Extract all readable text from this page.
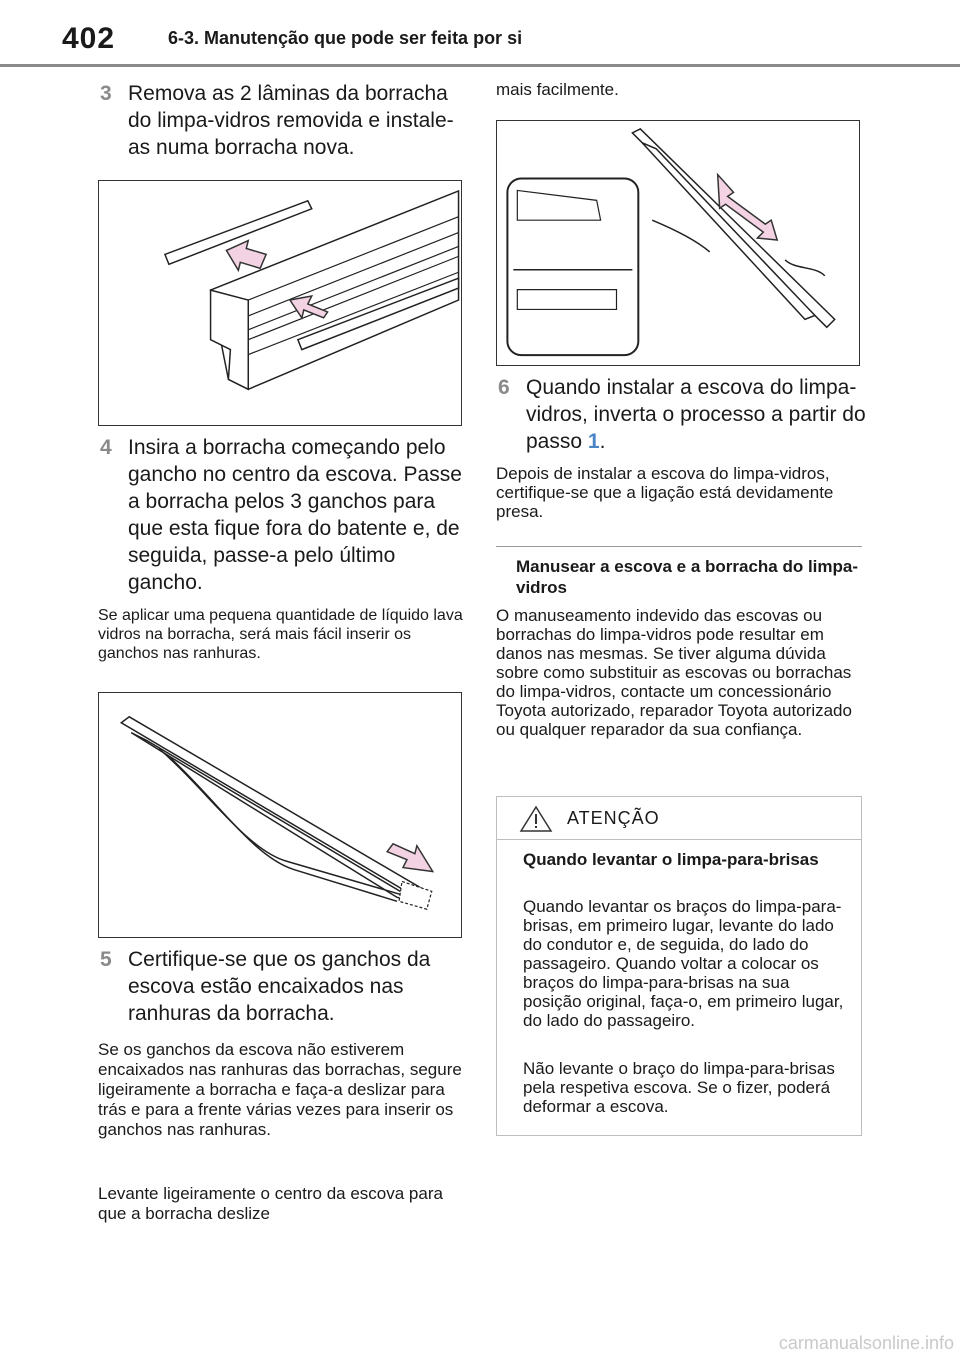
402	6-3. Manutenção que pode ser feita por si
3 Remova as 2 lâminas da borracha do limpa-vidros removida e instale-as numa borracha nova.
4 Insira a borracha começando pelo gancho no centro da escova. Passe a borracha pelos 3 ganchos para que esta fique fora do batente e, de seguida, passe-a pelo último gancho.
Se aplicar uma pequena quantidade de líquido lava vidros na borracha, será mais fácil inserir os ganchos nas ranhuras.
5 Certifique-se que os ganchos da escova estão encaixados nas ranhuras da borracha.
Se os ganchos da escova não estiverem encaixados nas ranhuras das borrachas, segure ligeiramente a borracha e faça-a deslizar para trás e para a frente várias vezes para inserir os ganchos nas ranhuras.
Levante ligeiramente o centro da escova para que a borracha deslize
mais facilmente.
6 Quando instalar a escova do limpa-vidros, inverta o processo a partir do passo 1.
Depois de instalar a escova do limpa-vidros, certifique-se que a ligação está devidamente presa.
Manusear a escova e a borracha do limpa-vidros
O manuseamento indevido das escovas ou borrachas do limpa-vidros pode resultar em danos nas mesmas. Se tiver alguma dúvida sobre como substituir as escovas ou borrachas do limpa-vidros, contacte um concessionário Toyota autorizado, reparador Toyota autorizado ou qualquer reparador da sua confiança.
ATENÇÃO
Quando levantar o limpa-para-brisas
Quando levantar os braços do limpa-para-brisas, em primeiro lugar, levante do lado do condutor e, de seguida, do lado do passageiro. Quando voltar a colocar os braços do limpa-para-brisas na sua posição original, faça-o, em primeiro lugar, do lado do passageiro.
Não levante o braço do limpa-para-brisas pela respetiva escova. Se o fizer, poderá deformar a escova.
carmanualsonline.info
